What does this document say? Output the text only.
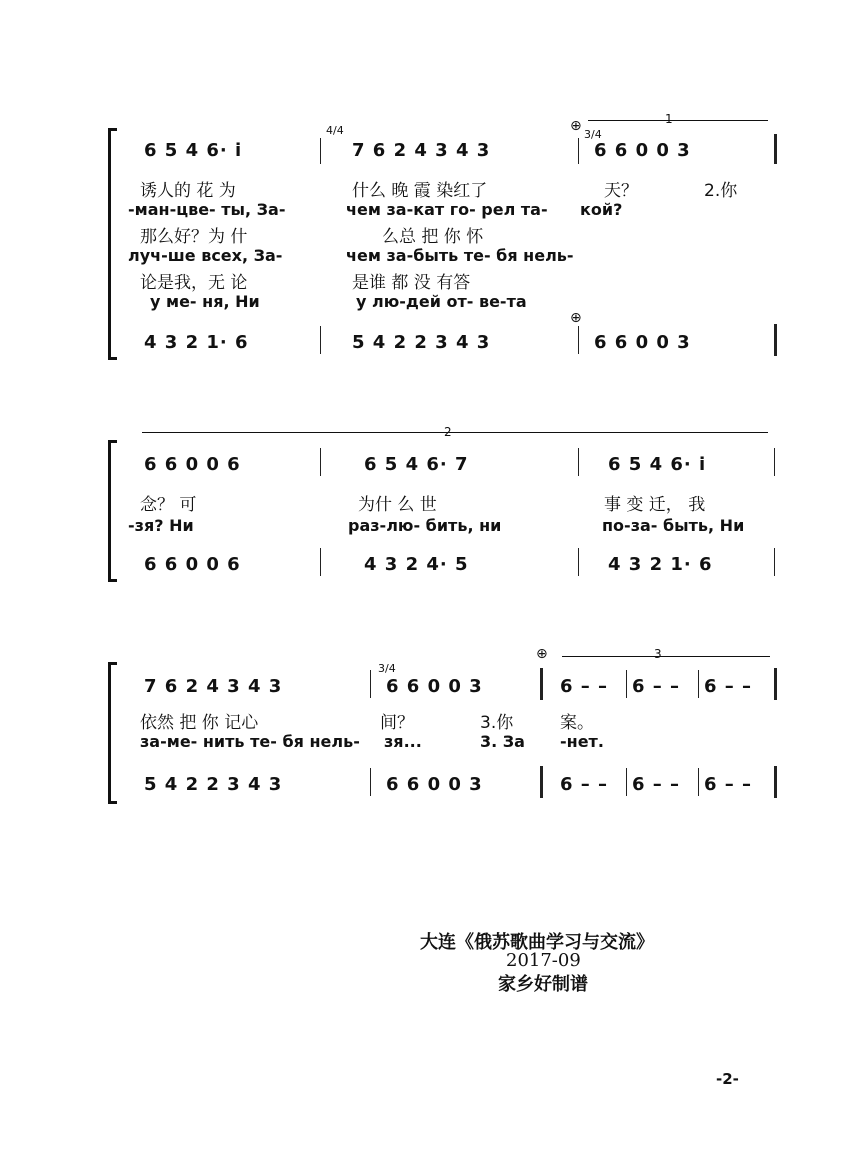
4/4	3/4
⊕	1
6 5 4 6· i̇	7 6 2 4 3 4 3	6 6 0 0 3
诱人的 花 为	什么 晚 霞 染红了	天？	2.你
-ман-цве- ты, За-	чем за-кат го- рел та- кой?
那么好？为 什	么总 把 你 怀
луч-ше всех, За-	чем за-быть те- бя нель-
论是我，无 论	是谁 都 没 有答
у ме- ня, Ни	у лю-дей от- ве-та
⊕
4 3 2 1· 6	5 4 2 2 3 4 3	6 6 0 0 3
2
6 6 0 0 6	6 5 4 6· 7	6 5 4 6· i̇
念？ 可	为什 么 世	事 变 迁， 我
-зя? Ни	раз-лю- бить, ни	по-за- быть, Ни
6 6 0 0 6	4 3 2 4· 5	4 3 2 1· 6
3/4
⊕	3
7 6 2 4 3 4 3	6 6 0 0 3	6 – – 6 – – 6 – –
依然 把 你 记心	间？	3.你	案。
за-ме- нить те- бя нель- зя...	3. За -нет.
5 4 2 2 3 4 3	6 6 0 0 3	6 – – 6 – – 6 – –
大连《俄苏歌曲学习与交流》
2017-09
家乡好制谱
-2-
